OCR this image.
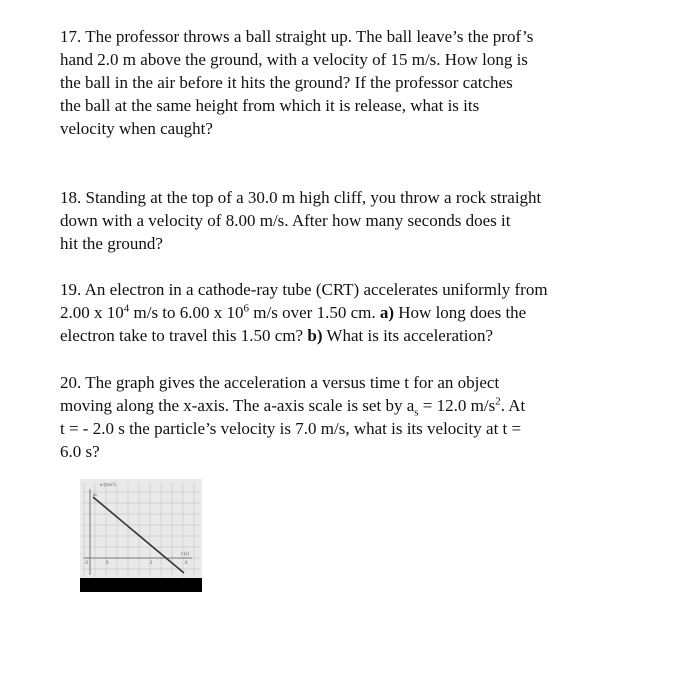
17. The professor throws a ball straight up. The ball leave’s the prof’s
hand 2.0 m above the ground, with a velocity of 15 m/s. How long is
the ball in the air before it hits the ground? If the professor catches
the ball at the same height from which it is release, what is its
velocity when caught?
18. Standing at the top of a 30.0 m high cliff, you throw a rock straight
down with a velocity of 8.00 m/s. After how many seconds does it
hit the ground?
19. An electron in a cathode-ray tube (CRT) accelerates uniformly from
2.00 x $10^4$ m/s to 6.00 x $10^6$ m/s over 1.50 cm. a) How long does the
electron take to travel this 1.50 cm? b) What is its acceleration?
20. The graph gives the acceleration a versus time t for an object
moving along the x-axis. The a-axis scale is set by $a_s = 12.0$ $m/s^2$. At
t = - 2.0 s the particle’s velocity is 7.0 m/s, what is its velocity at t =
6.0 s?
a (m/s²)
aₛ
t (s)
-2	0	2	6
